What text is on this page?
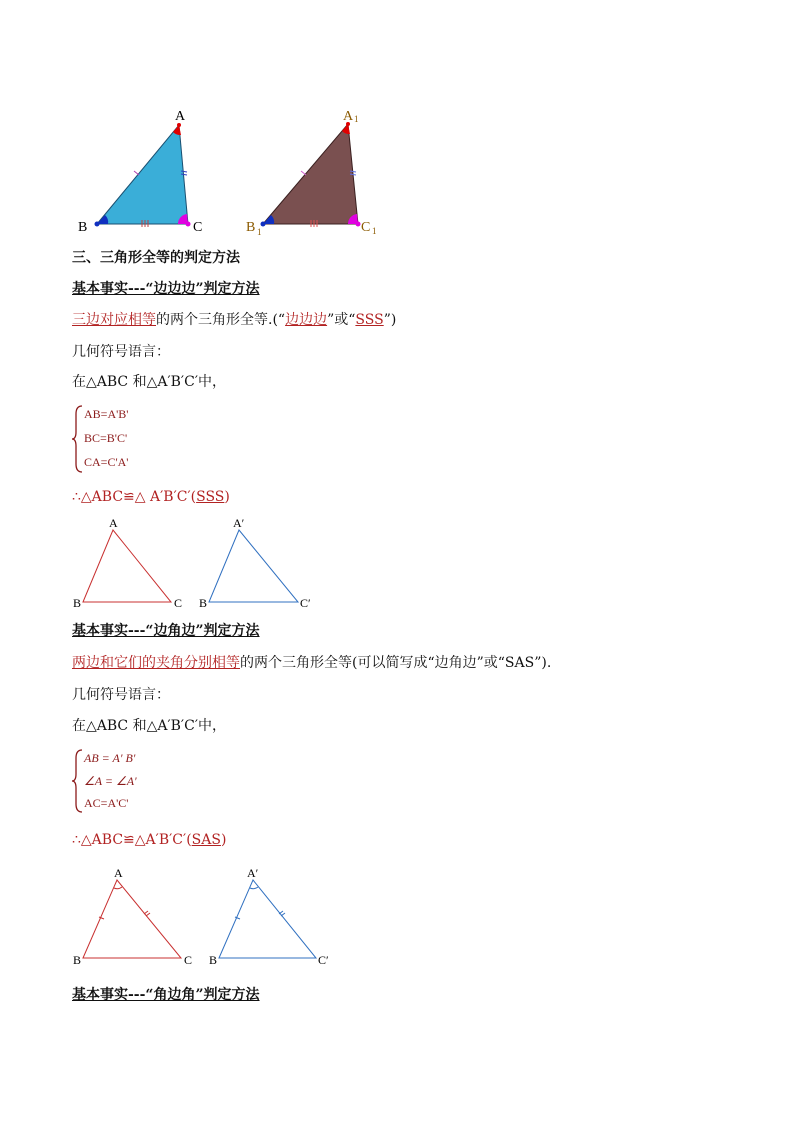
A
B	C
A 1
B 1	C 1
三、三角形全等的判定方法
基本事实---“边边边”判定方法
三边对应相等的两个三角形全等.(“边边边”或“SSS”)
几何符号语言：
在△ABC 和△A′B′C′中，
AB=A'B'
BC=B'C'
CA=C'A'
∴△ABC≌△ A′B′C′(SSS)
A
B	C
A′
B	C′
基本事实---“边角边”判定方法
两边和它们的夹角分别相等的两个三角形全等(可以简写成“边角边”或“SAS”).
几何符号语言：
在△ABC 和△A′B′C′中，
AB = A' B'
∠A = ∠A'
AC=A'C'
∴△ABC≌△A′B′C′(SAS)
A
B	C
A′
B	C′
基本事实---“角边角”判定方法
